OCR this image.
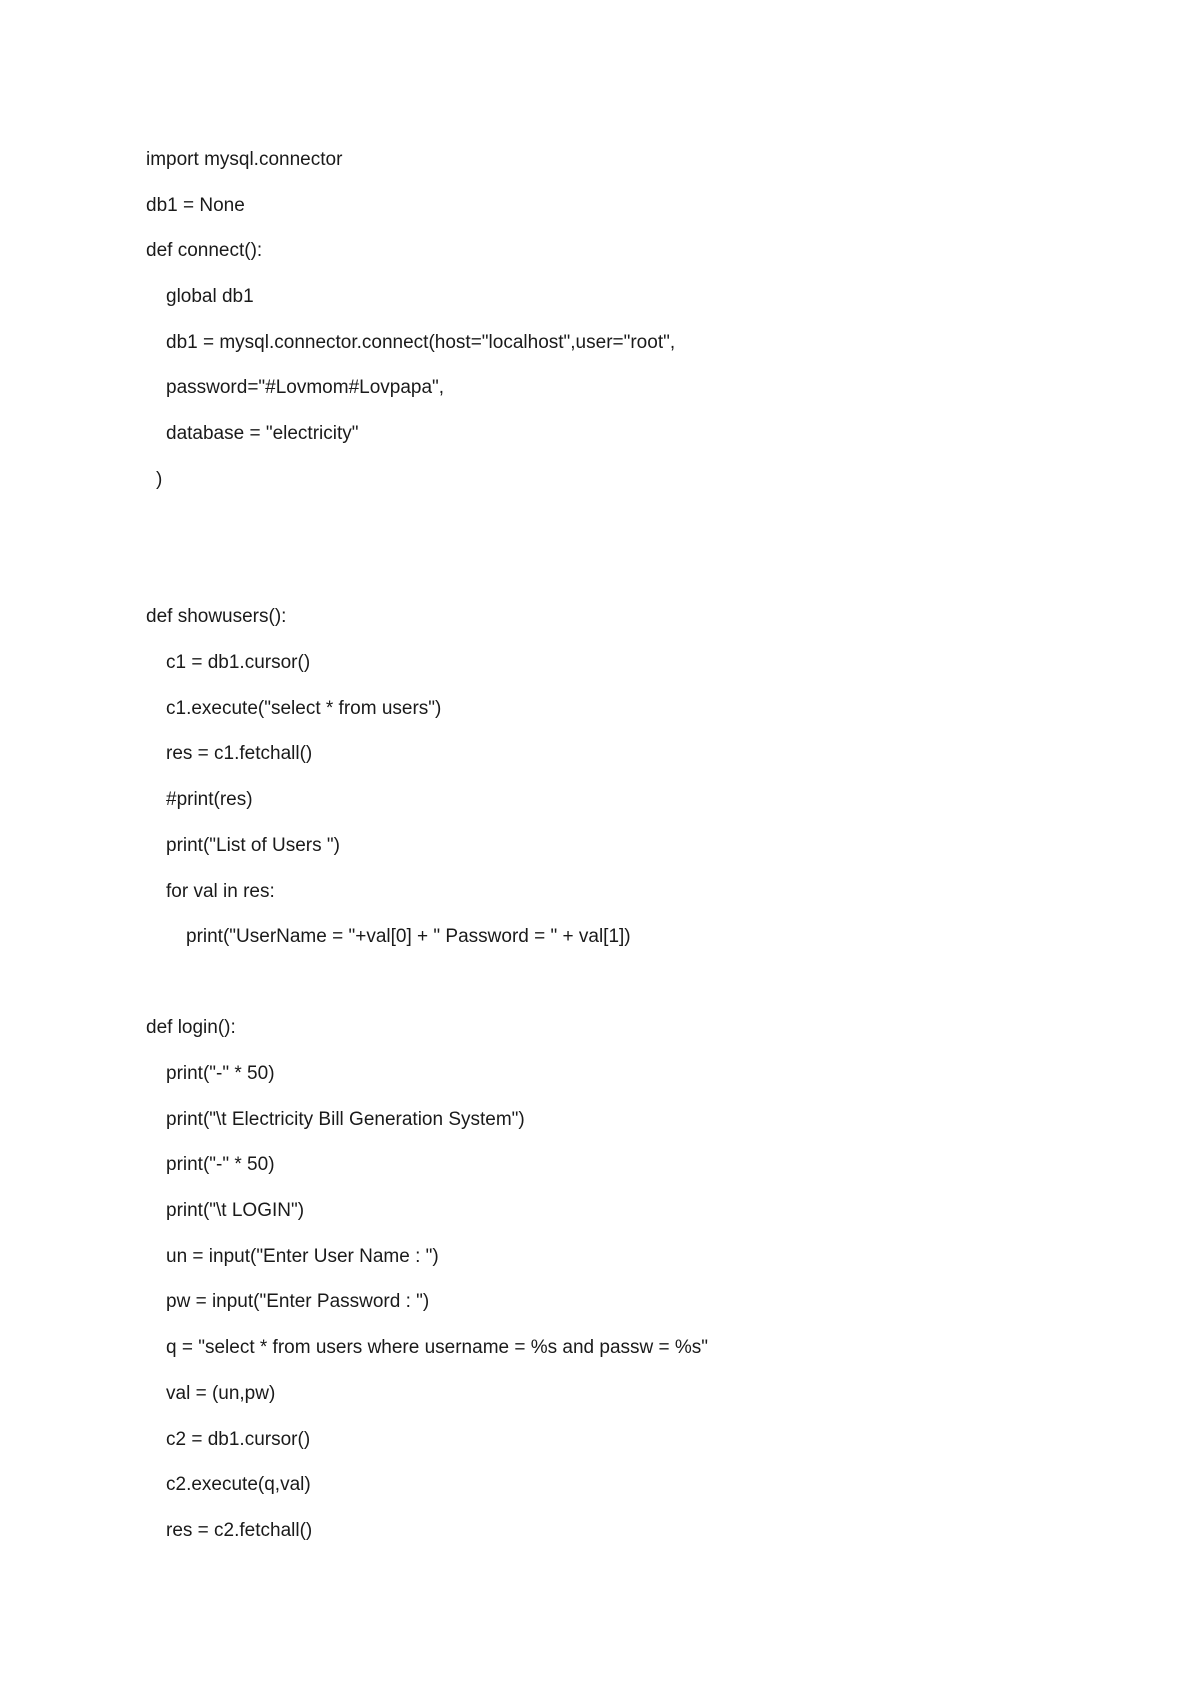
import mysql.connector
db1 = None
def connect():
global db1
db1 = mysql.connector.connect(host="localhost",user="root",
password="#Lovmom#Lovpapa",
database = "electricity"
)
def showusers():
c1 = db1.cursor()
c1.execute("select * from users")
res = c1.fetchall()
#print(res)
print("List of Users ")
for val in res:
print("UserName = "+val[0] + " Password = " + val[1])
def login():
print("-" * 50)
print("\t Electricity Bill Generation System")
print("-" * 50)
print("\t LOGIN")
un = input("Enter User Name : ")
pw = input("Enter Password : ")
q = "select * from users where username = %s and passw = %s"
val = (un,pw)
c2 = db1.cursor()
c2.execute(q,val)
res = c2.fetchall()
